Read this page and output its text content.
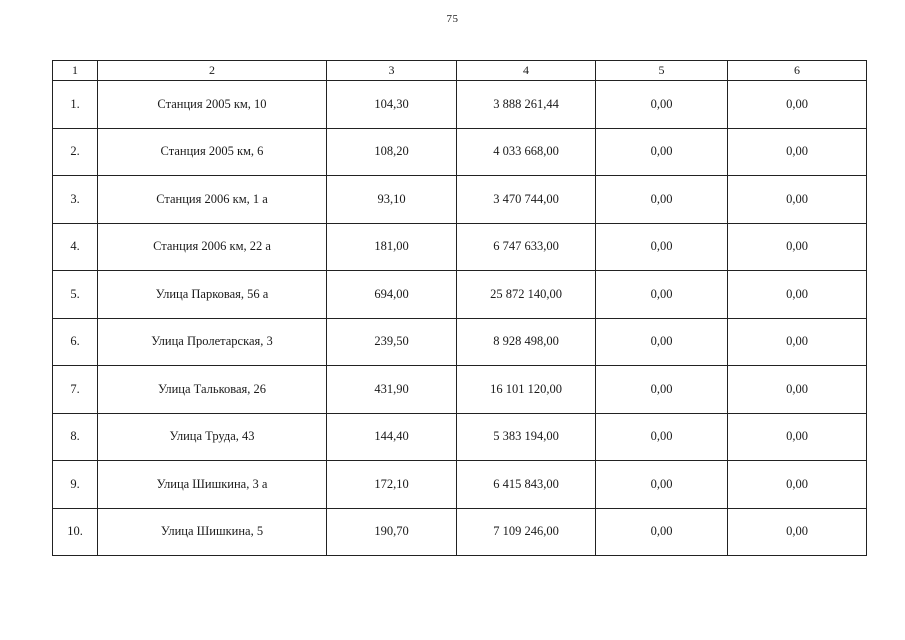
75
1	2	3	4	5	6
1.	Станция 2005 км, 10	104,30	3 888 261,44	0,00	0,00
2.	Станция 2005 км, 6	108,20	4 033 668,00	0,00	0,00
3.	Станция 2006 км, 1 а	93,10	3 470 744,00	0,00	0,00
4.	Станция 2006 км, 22 а	181,00	6 747 633,00	0,00	0,00
5.	Улица Парковая, 56 а	694,00	25 872 140,00	0,00	0,00
6.	Улица Пролетарская, 3	239,50	8 928 498,00	0,00	0,00
7.	Улица Тальковая, 26	431,90	16 101 120,00	0,00	0,00
8.	Улица Труда, 43	144,40	5 383 194,00	0,00	0,00
9.	Улица Шишкина, 3 а	172,10	6 415 843,00	0,00	0,00
10.	Улица Шишкина, 5	190,70	7 109 246,00	0,00	0,00
